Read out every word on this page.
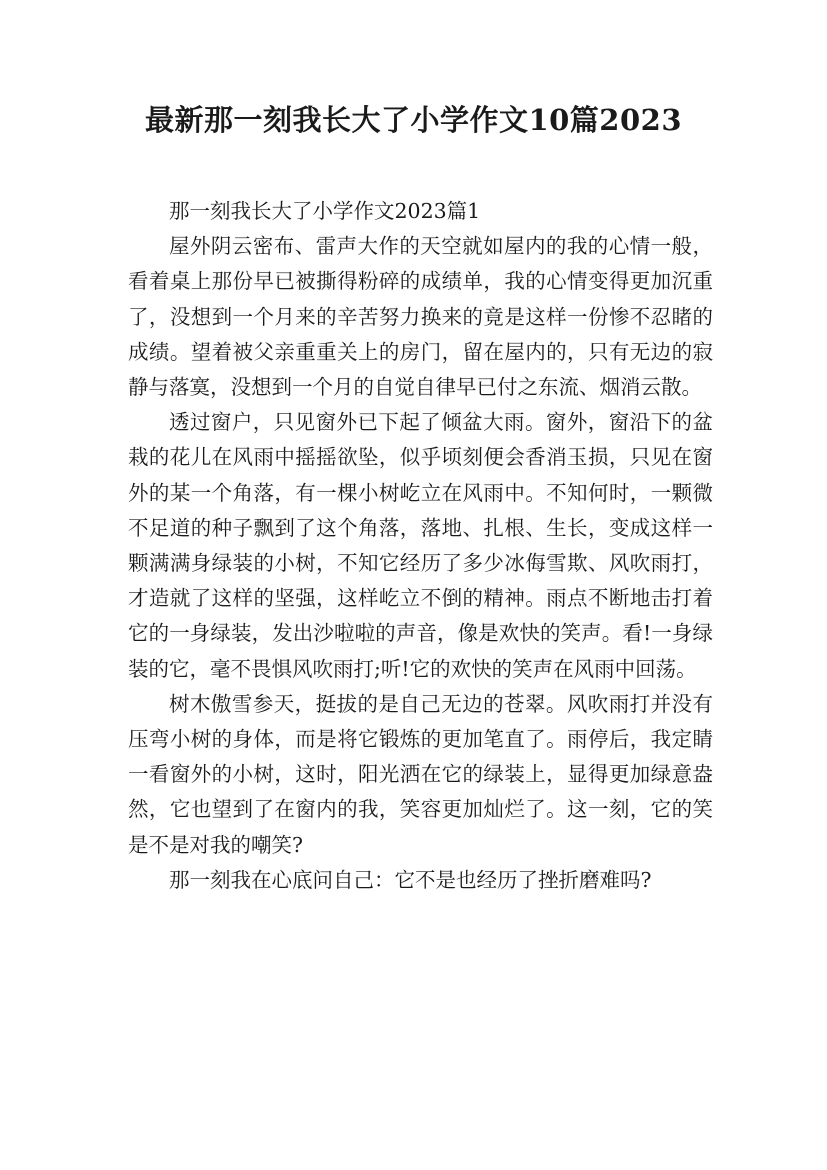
最新那一刻我长大了小学作文10篇2023

那一刻我长大了小学作文2023篇1

屋外阴云密布、雷声大作的天空就如屋内的我的心情一般，看着桌上那份早已被撕得粉碎的成绩单，我的心情变得更加沉重了，没想到一个月来的辛苦努力换来的竟是这样一份惨不忍睹的成绩。望着被父亲重重关上的房门，留在屋内的，只有无边的寂静与落寞，没想到一个月的自觉自律早已付之东流、烟消云散。

透过窗户，只见窗外已下起了倾盆大雨。窗外，窗沿下的盆栽的花儿在风雨中摇摇欲坠，似乎顷刻便会香消玉损，只见在窗外的某一个角落，有一棵小树屹立在风雨中。不知何时，一颗微不足道的种子飘到了这个角落，落地、扎根、生长，变成这样一颗满满身绿装的小树，不知它经历了多少冰侮雪欺、风吹雨打，才造就了这样的坚强，这样屹立不倒的精神。雨点不断地击打着它的一身绿装，发出沙啦啦的声音，像是欢快的笑声。看!一身绿装的它，毫不畏惧风吹雨打;听!它的欢快的笑声在风雨中回荡。

树木傲雪参天，挺拔的是自己无边的苍翠。风吹雨打并没有压弯小树的身体，而是将它锻炼的更加笔直了。雨停后，我定睛一看窗外的小树，这时，阳光洒在它的绿装上，显得更加绿意盎然，它也望到了在窗内的我，笑容更加灿烂了。这一刻，它的笑是不是对我的嘲笑?

那一刻我在心底问自己：它不是也经历了挫折磨难吗?
